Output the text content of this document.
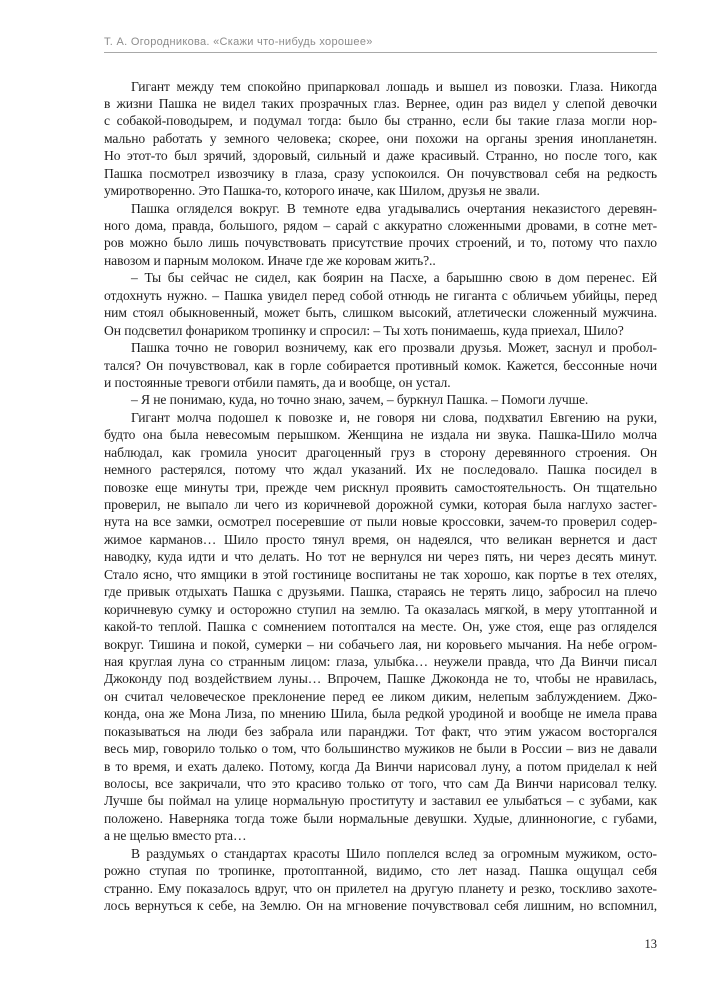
Т. А. Огородникова. «Скажи что-нибудь хорошее»
Гигант между тем спокойно припарковал лошадь и вышел из повозки. Глаза. Никогда
в жизни Пашка не видел таких прозрачных глаз. Вернее, один раз видел у слепой девочки
с собакой-поводырем, и подумал тогда: было бы странно, если бы такие глаза могли нор-
мально работать у земного человека; скорее, они похожи на органы зрения инопланетян.
Но этот-то был зрячий, здоровый, сильный и даже красивый. Странно, но после того, как
Пашка посмотрел извозчику в глаза, сразу успокоился. Он почувствовал себя на редкость
умиротворенно. Это Пашка-то, которого иначе, как Шилом, друзья не звали.
Пашка огляделся вокруг. В темноте едва угадывались очертания неказистого деревян-
ного дома, правда, большого, рядом – сарай с аккуратно сложенными дровами, в сотне мет-
ров можно было лишь почувствовать присутствие прочих строений, и то, потому что пахло
навозом и парным молоком. Иначе где же коровам жить?..
– Ты бы сейчас не сидел, как боярин на Пасхе, а барышню свою в дом перенес. Ей
отдохнуть нужно. – Пашка увидел перед собой отнюдь не гиганта с обличьем убийцы, перед
ним стоял обыкновенный, может быть, слишком высокий, атлетически сложенный мужчина.
Он подсветил фонариком тропинку и спросил: – Ты хоть понимаешь, куда приехал, Шило?
Пашка точно не говорил возничему, как его прозвали друзья. Может, заснул и пробол-
тался? Он почувствовал, как в горле собирается противный комок. Кажется, бессонные ночи
и постоянные тревоги отбили память, да и вообще, он устал.
– Я не понимаю, куда, но точно знаю, зачем, – буркнул Пашка. – Помоги лучше.
Гигант молча подошел к повозке и, не говоря ни слова, подхватил Евгению на руки,
будто она была невесомым перышком. Женщина не издала ни звука. Пашка-Шило молча
наблюдал, как громила уносит драгоценный груз в сторону деревянного строения. Он
немного растерялся, потому что ждал указаний. Их не последовало. Пашка посидел в
повозке еще минуты три, прежде чем рискнул проявить самостоятельность. Он тщательно
проверил, не выпало ли чего из коричневой дорожной сумки, которая была наглухо застег-
нута на все замки, осмотрел посеревшие от пыли новые кроссовки, зачем-то проверил содер-
жимое карманов… Шило просто тянул время, он надеялся, что великан вернется и даст
наводку, куда идти и что делать. Но тот не вернулся ни через пять, ни через десять минут.
Стало ясно, что ямщики в этой гостинице воспитаны не так хорошо, как портье в тех отелях,
где привык отдыхать Пашка с друзьями. Пашка, стараясь не терять лицо, забросил на плечо
коричневую сумку и осторожно ступил на землю. Та оказалась мягкой, в меру утоптанной и
какой-то теплой. Пашка с сомнением потоптался на месте. Он, уже стоя, еще раз огляделся
вокруг. Тишина и покой, сумерки – ни собачьего лая, ни коровьего мычания. На небе огром-
ная круглая луна со странным лицом: глаза, улыбка… неужели правда, что Да Винчи писал
Джоконду под воздействием луны… Впрочем, Пашке Джоконда не то, чтобы не нравилась,
он считал человеческое преклонение перед ее ликом диким, нелепым заблуждением. Джо-
конда, она же Мона Лиза, по мнению Шила, была редкой уродиной и вообще не имела права
показываться на люди без забрала или паранджи. Тот факт, что этим ужасом восторгался
весь мир, говорило только о том, что большинство мужиков не были в России – виз не давали
в то время, и ехать далеко. Потому, когда Да Винчи нарисовал луну, а потом приделал к ней
волосы, все закричали, что это красиво только от того, что сам Да Винчи нарисовал телку.
Лучше бы поймал на улице нормальную проституту и заставил ее улыбаться – с зубами, как
положено. Наверняка тогда тоже были нормальные девушки. Худые, длинноногие, с губами,
а не щелью вместо рта…
В раздумьях о стандартах красоты Шило поплелся вслед за огромным мужиком, осто-
рожно ступая по тропинке, протоптанной, видимо, сто лет назад. Пашка ощущал себя
странно. Ему показалось вдруг, что он прилетел на другую планету и резко, тоскливо захоте-
лось вернуться к себе, на Землю. Он на мгновение почувствовал себя лишним, но вспомнил,
13
